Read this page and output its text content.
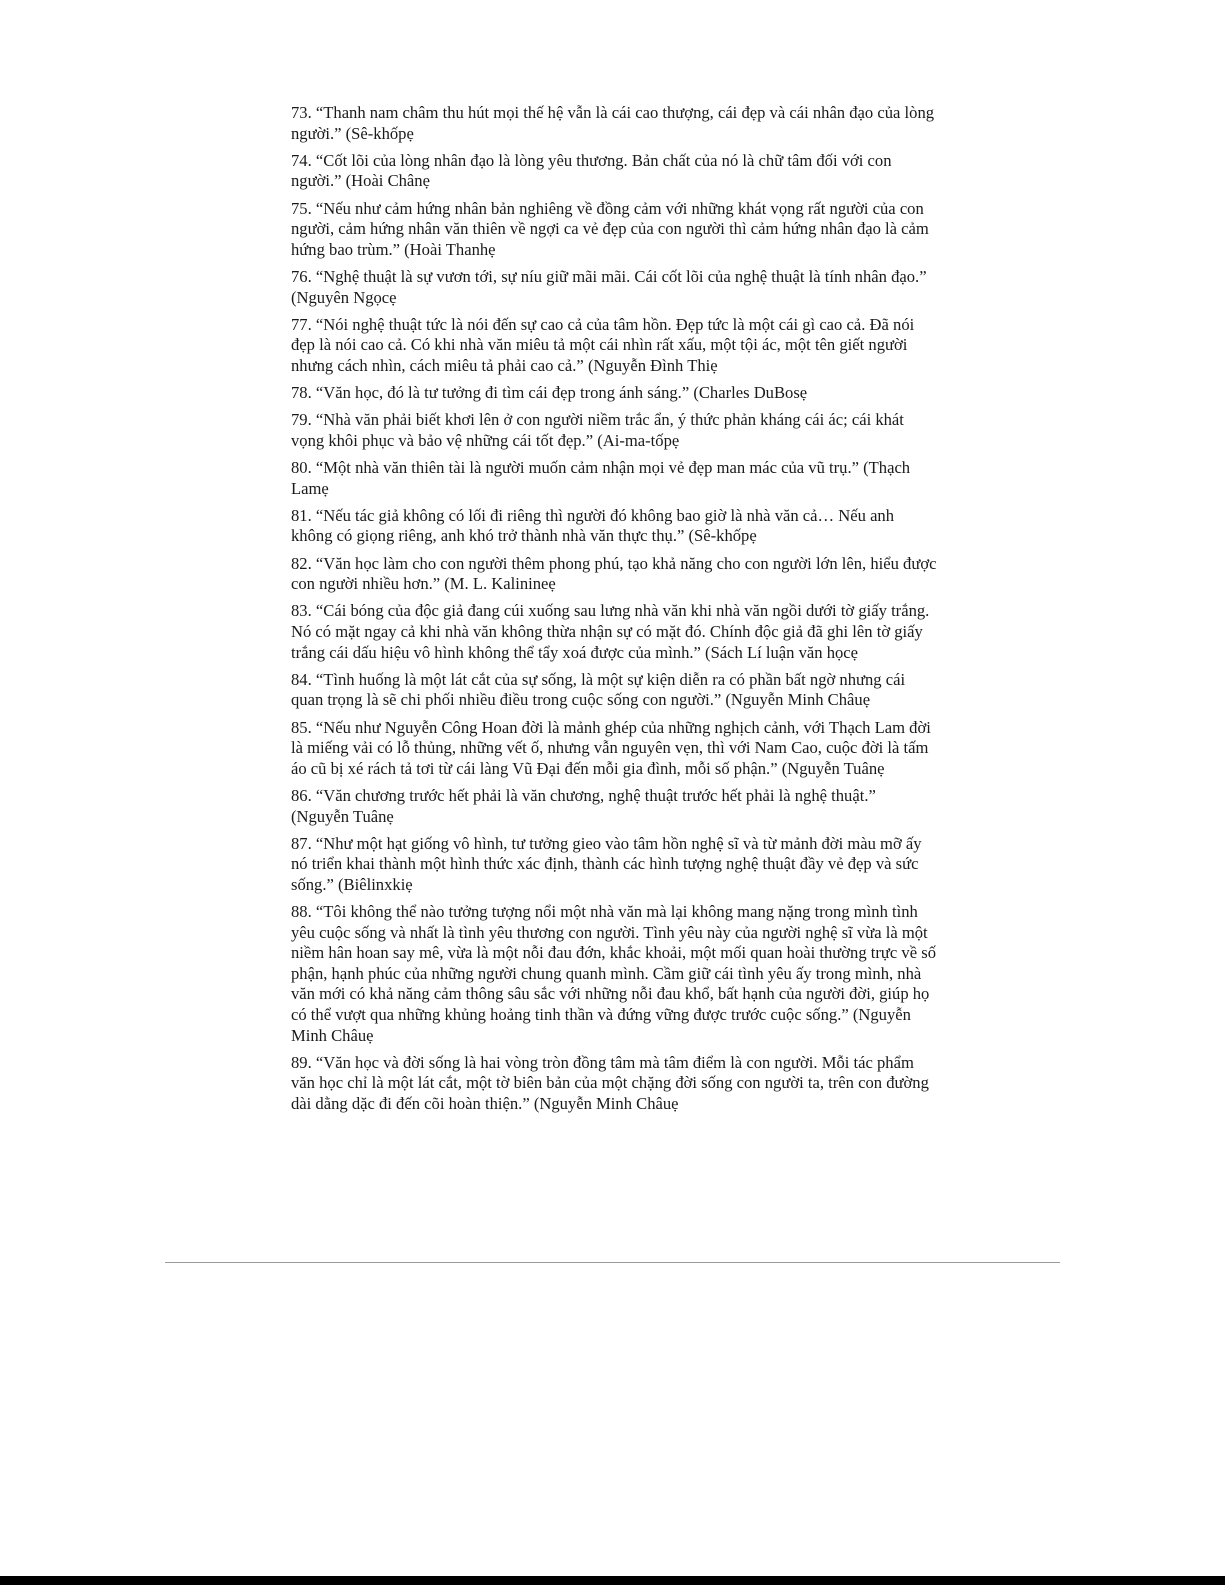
73. “Thanh nam châm thu hút mọi thế hệ vẫn là cái cao thượng, cái đẹp và cái nhân đạo của lòng
người.” (Sê-khốpẹ

74. “Cốt lõi của lòng nhân đạo là lòng yêu thương. Bản chất của nó là chữ tâm đối với con
người.” (Hoài Chânẹ

75. “Nếu như cảm hứng nhân bản nghiêng về đồng cảm với những khát vọng rất người của con
người, cảm hứng nhân văn thiên về ngợi ca vẻ đẹp của con người thì cảm hứng nhân đạo là cảm
hứng bao trùm.” (Hoài Thanhẹ

76. “Nghệ thuật là sự vươn tới, sự níu giữ mãi mãi. Cái cốt lõi của nghệ thuật là tính nhân đạo.”
(Nguyên Ngọcẹ

77. “Nói nghệ thuật tức là nói đến sự cao cả của tâm hồn. Đẹp tức là một cái gì cao cả. Đã nói
đẹp là nói cao cả. Có khi nhà văn miêu tả một cái nhìn rất xấu, một tội ác, một tên giết người
nhưng cách nhìn, cách miêu tả phải cao cả.” (Nguyễn Đình Thiẹ

78. “Văn học, đó là tư tưởng đi tìm cái đẹp trong ánh sáng.” (Charles DuBosẹ

79. “Nhà văn phải biết khơi lên ở con người niềm trắc ẩn, ý thức phản kháng cái ác; cái khát
vọng khôi phục và bảo vệ những cái tốt đẹp.” (Ai-ma-tốpẹ

80. “Một nhà văn thiên tài là người muốn cảm nhận mọi vẻ đẹp man mác của vũ trụ.” (Thạch
Lamẹ

81. “Nếu tác giả không có lối đi riêng thì người đó không bao giờ là nhà văn cả… Nếu anh
không có giọng riêng, anh khó trở thành nhà văn thực thụ.” (Sê-khốpẹ

82. “Văn học làm cho con người thêm phong phú, tạo khả năng cho con người lớn lên, hiểu được
con người nhiều hơn.” (M. L. Kalinineẹ

83. “Cái bóng của độc giả đang cúi xuống sau lưng nhà văn khi nhà văn ngồi dưới tờ giấy trắng.
Nó có mặt ngay cả khi nhà văn không thừa nhận sự có mặt đó. Chính độc giả đã ghi lên tờ giấy
trắng cái dấu hiệu vô hình không thể tẩy xoá được của mình.” (Sách Lí luận văn họcẹ

84. “Tình huống là một lát cắt của sự sống, là một sự kiện diễn ra có phần bất ngờ nhưng cái
quan trọng là sẽ chi phối nhiều điều trong cuộc sống con người.” (Nguyễn Minh Châuẹ

85. “Nếu như Nguyễn Công Hoan đời là mảnh ghép của những nghịch cảnh, với Thạch Lam đời
là miếng vải có lỗ thủng, những vết ố, nhưng vẫn nguyên vẹn, thì với Nam Cao, cuộc đời là tấm
áo cũ bị xé rách tả tơi từ cái làng Vũ Đại đến mỗi gia đình, mỗi số phận.” (Nguyễn Tuânẹ

86. “Văn chương trước hết phải là văn chương, nghệ thuật trước hết phải là nghệ thuật.”
(Nguyễn Tuânẹ

87. “Như một hạt giống vô hình, tư tưởng gieo vào tâm hồn nghệ sĩ và từ mảnh đời màu mỡ ấy
nó triển khai thành một hình thức xác định, thành các hình tượng nghệ thuật đầy vẻ đẹp và sức
sống.” (Biêlinxkiẹ

88. “Tôi không thể nào tưởng tượng nổi một nhà văn mà lại không mang nặng trong mình tình
yêu cuộc sống và nhất là tình yêu thương con người. Tình yêu này của người nghệ sĩ vừa là một
niềm hân hoan say mê, vừa là một nỗi đau đớn, khắc khoải, một mối quan hoài thường trực về số
phận, hạnh phúc của những người chung quanh mình. Cầm giữ cái tình yêu ấy trong mình, nhà
văn mới có khả năng cảm thông sâu sắc với những nỗi đau khổ, bất hạnh của người đời, giúp họ
có thể vượt qua những khủng hoảng tinh thần và đứng vững được trước cuộc sống.” (Nguyễn
Minh Châuẹ

89. “Văn học và đời sống là hai vòng tròn đồng tâm mà tâm điểm là con người. Mỗi tác phẩm
văn học chỉ là một lát cắt, một tờ biên bản của một chặng đời sống con người ta, trên con đường
dài dằng dặc đi đến cõi hoàn thiện.” (Nguyễn Minh Châuẹ
